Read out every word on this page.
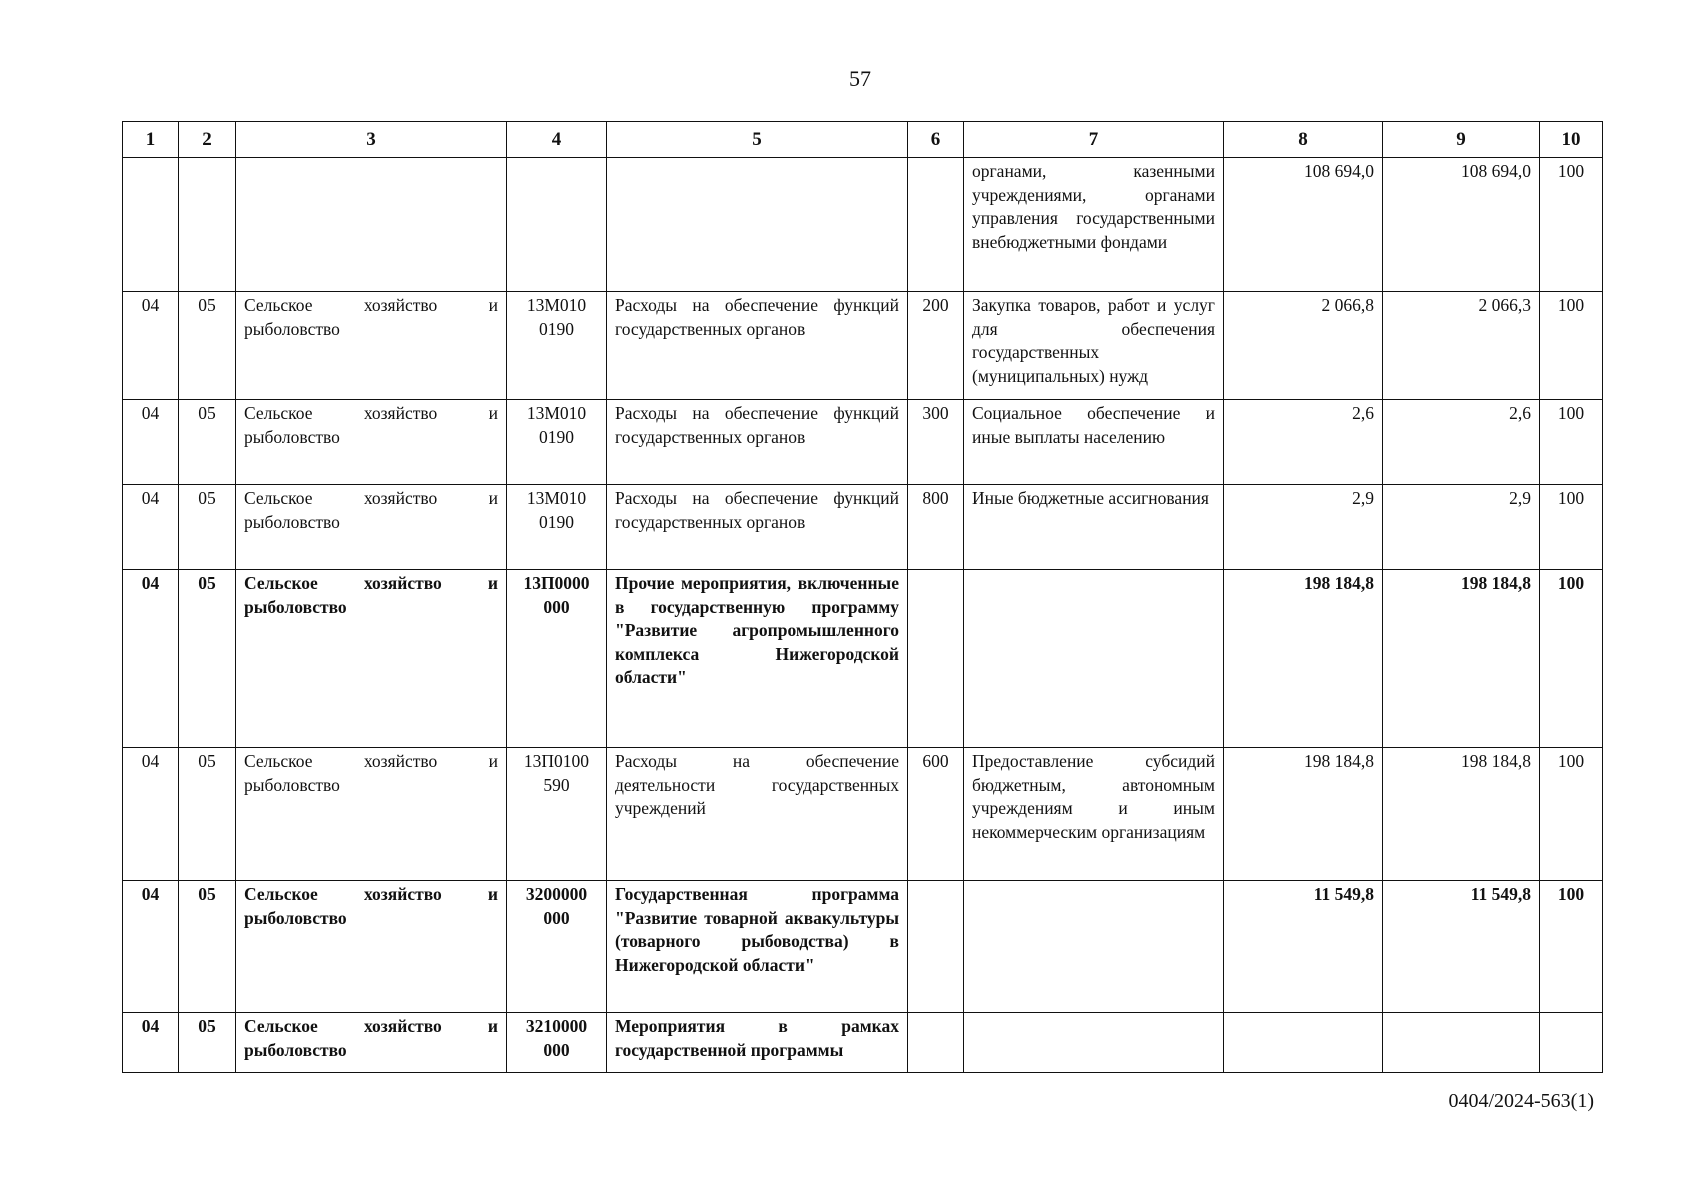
57
1	2	3	4	5	6	7	8	9	10
						органами, казенными учреждениями, органами управления государственными внебюджетными фондами	108 694,0	108 694,0	100
04	05	Сельское хозяйство и рыболовство	13М010 0190	Расходы на обеспечение функций государственных органов	200	Закупка товаров, работ и услуг для обеспечения государственных (муниципальных) нужд	2 066,8	2 066,3	100
04	05	Сельское хозяйство и рыболовство	13М010 0190	Расходы на обеспечение функций государственных органов	300	Социальное обеспечение и иные выплаты населению	2,6	2,6	100
04	05	Сельское хозяйство и рыболовство	13М010 0190	Расходы на обеспечение функций государственных органов	800	Иные бюджетные ассигнования	2,9	2,9	100
04	05	Сельское хозяйство и рыболовство	13П0000 000	Прочие мероприятия, включенные в государственную программу "Развитие агропромышленного комплекса Нижегородской области"			198 184,8	198 184,8	100
04	05	Сельское хозяйство и рыболовство	13П0100 590	Расходы на обеспечение деятельности государственных учреждений	600	Предоставление субсидий бюджетным, автономным учреждениям и иным некоммерческим организациям	198 184,8	198 184,8	100
04	05	Сельское хозяйство и рыболовство	3200000 000	Государственная программа "Развитие товарной аквакультуры (товарного рыбоводства) в Нижегородской области"			11 549,8	11 549,8	100
04	05	Сельское хозяйство и рыболовство	3210000 000	Мероприятия в рамках государственной программы					
0404/2024-563(1)
